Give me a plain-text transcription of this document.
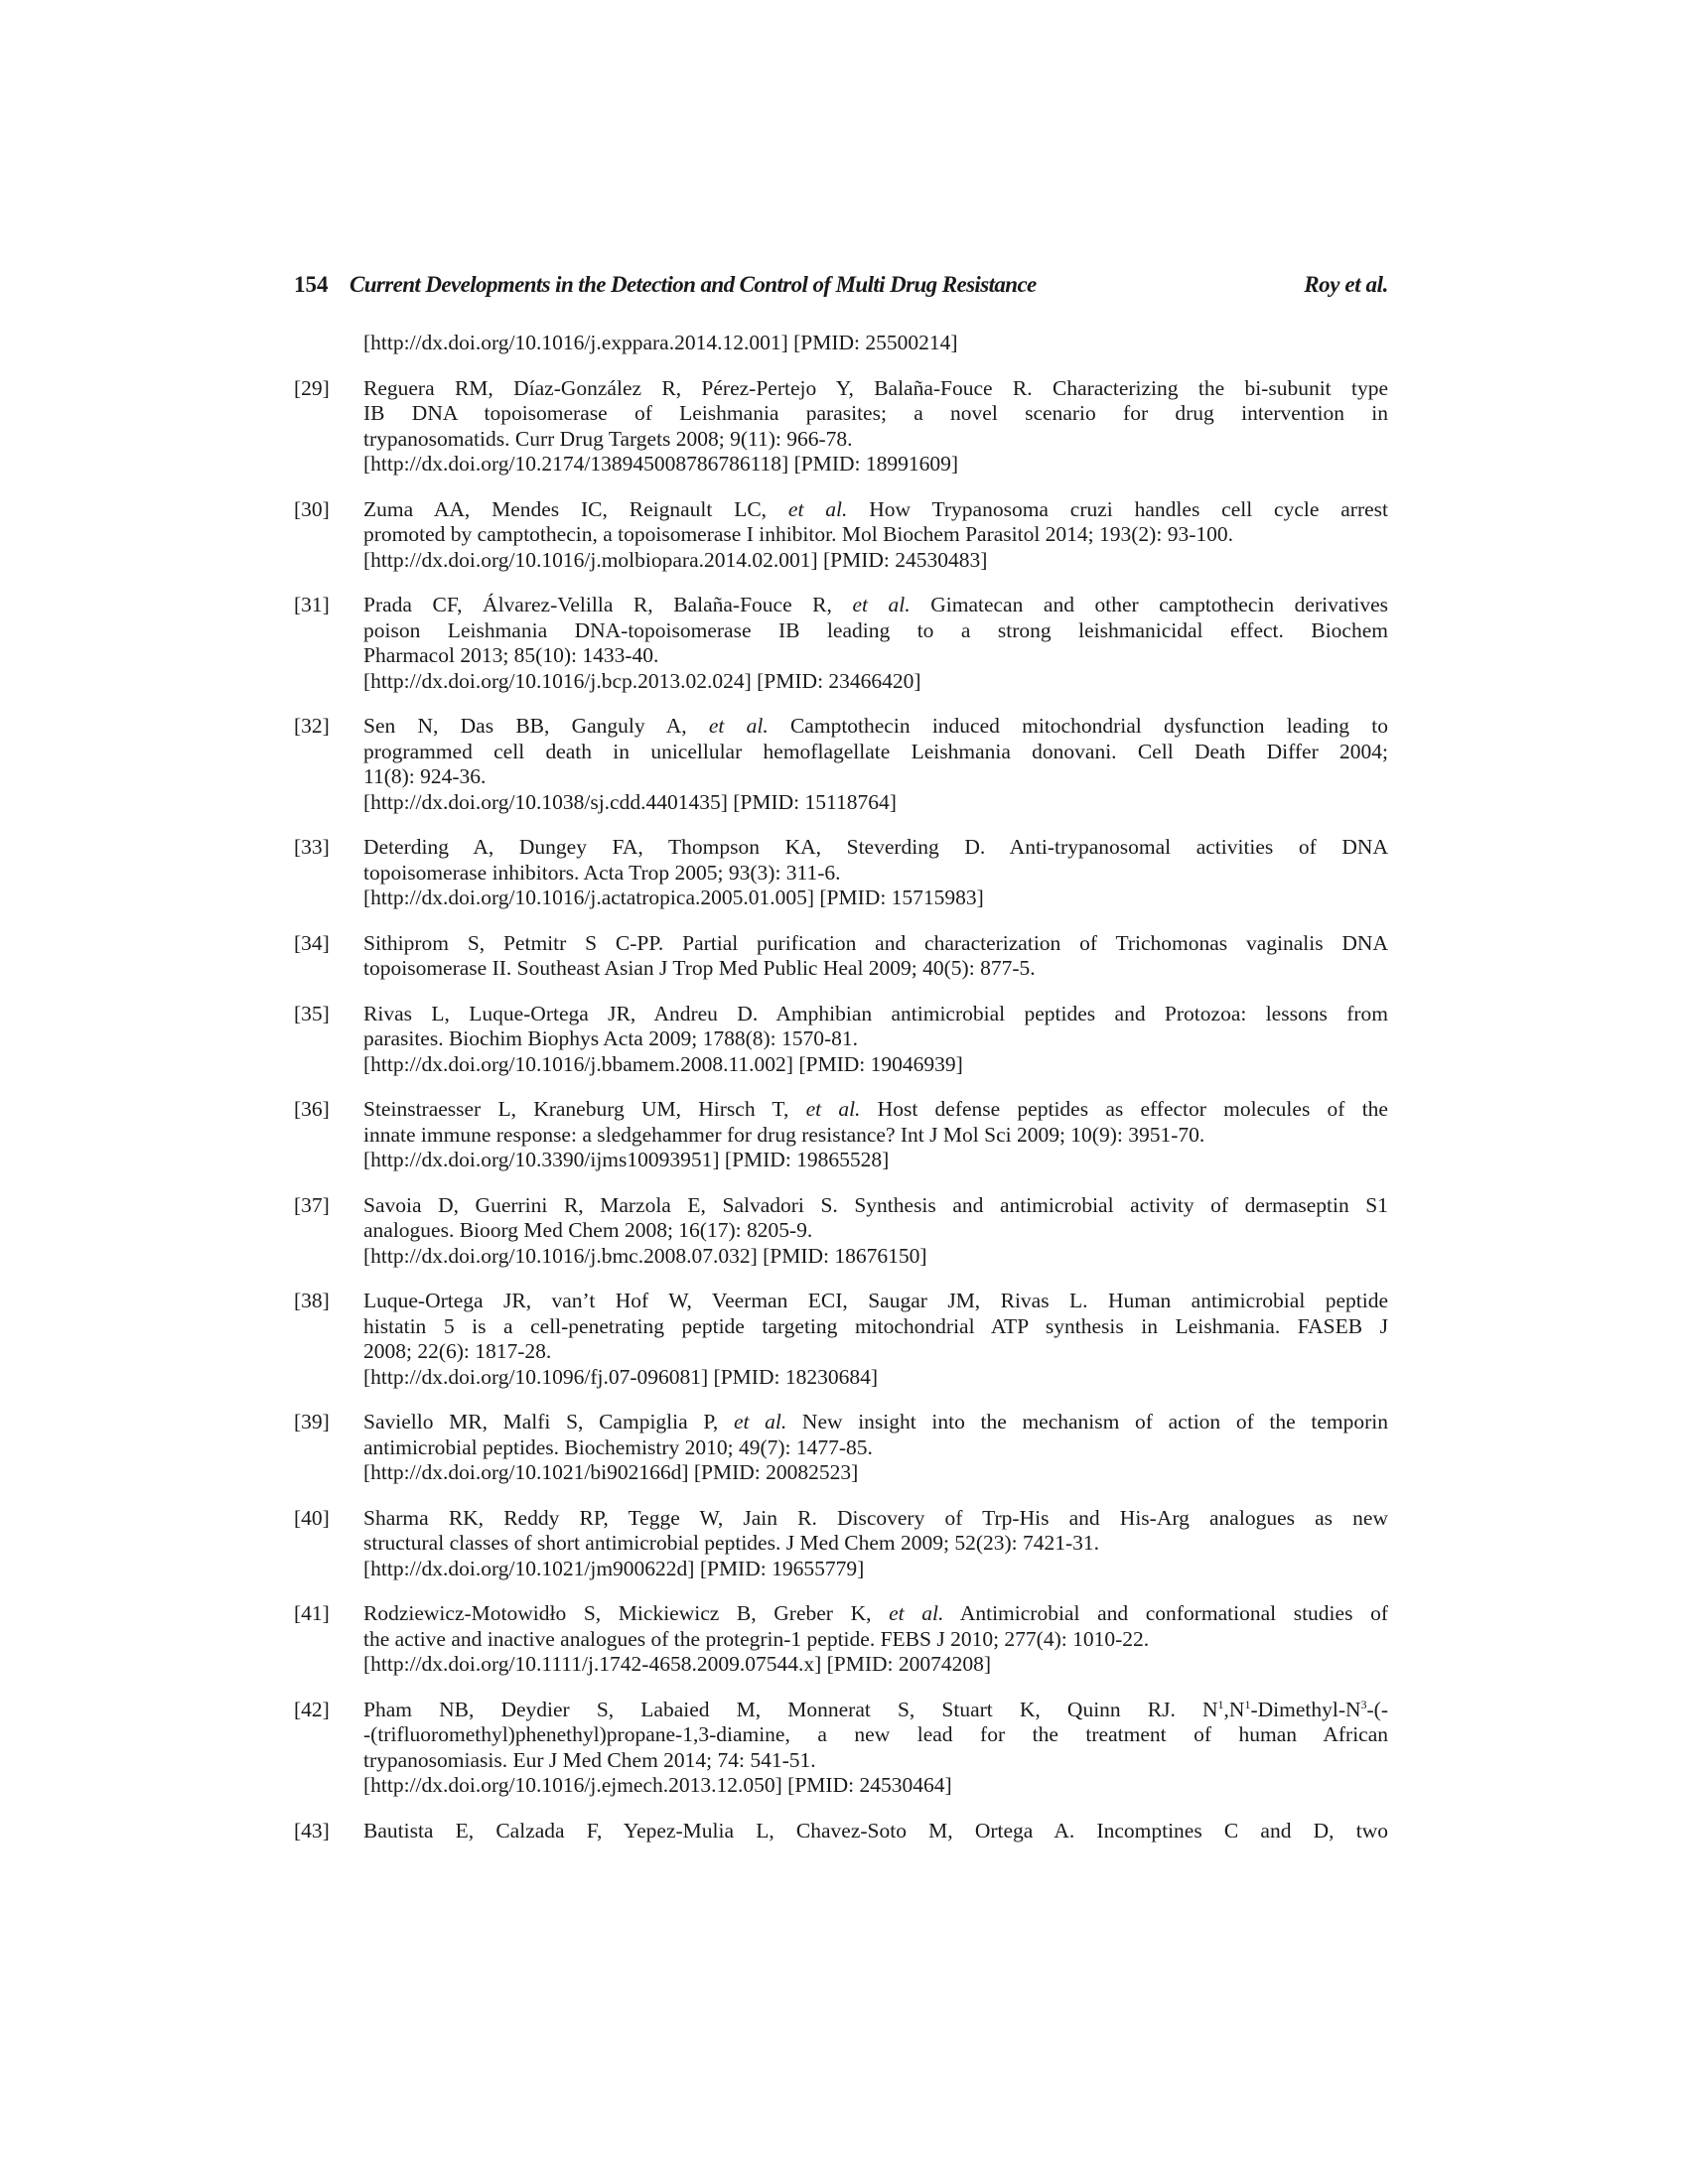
154 Current Developments in the Detection and Control of Multi Drug Resistance	Roy et al.
[http://dx.doi.org/10.1016/j.exppara.2014.12.001] [PMID: 25500214]
[29] Reguera RM, Díaz-González R, Pérez-Pertejo Y, Balaña-Fouce R. Characterizing the bi-subunit type
IB DNA topoisomerase of Leishmania parasites; a novel scenario for drug intervention in
trypanosomatids. Curr Drug Targets 2008; 9(11): 966-78.
[http://dx.doi.org/10.2174/138945008786786118] [PMID: 18991609]
[30] Zuma AA, Mendes IC, Reignault LC, et al. How Trypanosoma cruzi handles cell cycle arrest
promoted by camptothecin, a topoisomerase I inhibitor. Mol Biochem Parasitol 2014; 193(2): 93-100.
[http://dx.doi.org/10.1016/j.molbiopara.2014.02.001] [PMID: 24530483]
[31] Prada CF, Álvarez-Velilla R, Balaña-Fouce R, et al. Gimatecan and other camptothecin derivatives
poison Leishmania DNA-topoisomerase IB leading to a strong leishmanicidal effect. Biochem
Pharmacol 2013; 85(10): 1433-40.
[http://dx.doi.org/10.1016/j.bcp.2013.02.024] [PMID: 23466420]
[32] Sen N, Das BB, Ganguly A, et al. Camptothecin induced mitochondrial dysfunction leading to
programmed cell death in unicellular hemoflagellate Leishmania donovani. Cell Death Differ 2004;
11(8): 924-36.
[http://dx.doi.org/10.1038/sj.cdd.4401435] [PMID: 15118764]
[33] Deterding A, Dungey FA, Thompson KA, Steverding D. Anti-trypanosomal activities of DNA
topoisomerase inhibitors. Acta Trop 2005; 93(3): 311-6.
[http://dx.doi.org/10.1016/j.actatropica.2005.01.005] [PMID: 15715983]
[34] Sithiprom S, Petmitr S C-PP. Partial purification and characterization of Trichomonas vaginalis DNA
topoisomerase II. Southeast Asian J Trop Med Public Heal 2009; 40(5): 877-5.
[35] Rivas L, Luque-Ortega JR, Andreu D. Amphibian antimicrobial peptides and Protozoa: lessons from
parasites. Biochim Biophys Acta 2009; 1788(8): 1570-81.
[http://dx.doi.org/10.1016/j.bbamem.2008.11.002] [PMID: 19046939]
[36] Steinstraesser L, Kraneburg UM, Hirsch T, et al. Host defense peptides as effector molecules of the
innate immune response: a sledgehammer for drug resistance? Int J Mol Sci 2009; 10(9): 3951-70.
[http://dx.doi.org/10.3390/ijms10093951] [PMID: 19865528]
[37] Savoia D, Guerrini R, Marzola E, Salvadori S. Synthesis and antimicrobial activity of dermaseptin S1
analogues. Bioorg Med Chem 2008; 16(17): 8205-9.
[http://dx.doi.org/10.1016/j.bmc.2008.07.032] [PMID: 18676150]
[38] Luque-Ortega JR, van’t Hof W, Veerman ECI, Saugar JM, Rivas L. Human antimicrobial peptide
histatin 5 is a cell-penetrating peptide targeting mitochondrial ATP synthesis in Leishmania. FASEB J
2008; 22(6): 1817-28.
[http://dx.doi.org/10.1096/fj.07-096081] [PMID: 18230684]
[39] Saviello MR, Malfi S, Campiglia P, et al. New insight into the mechanism of action of the temporin
antimicrobial peptides. Biochemistry 2010; 49(7): 1477-85.
[http://dx.doi.org/10.1021/bi902166d] [PMID: 20082523]
[40] Sharma RK, Reddy RP, Tegge W, Jain R. Discovery of Trp-His and His-Arg analogues as new
structural classes of short antimicrobial peptides. J Med Chem 2009; 52(23): 7421-31.
[http://dx.doi.org/10.1021/jm900622d] [PMID: 19655779]
[41] Rodziewicz-Motowidło S, Mickiewicz B, Greber K, et al. Antimicrobial and conformational studies of
the active and inactive analogues of the protegrin-1 peptide. FEBS J 2010; 277(4): 1010-22.
[http://dx.doi.org/10.1111/j.1742-4658.2009.07544.x] [PMID: 20074208]
[42] Pham NB, Deydier S, Labaied M, Monnerat S, Stuart K, Quinn RJ. $N^1,N^1-Dimethyl-N^3-(-$
-(trifluoromethyl)phenethyl)propane-1,3-diamine, a new lead for the treatment of human African
trypanosomiasis. Eur J Med Chem 2014; 74: 541-51.
[http://dx.doi.org/10.1016/j.ejmech.2013.12.050] [PMID: 24530464]
[43] Bautista E, Calzada F, Yepez-Mulia L, Chavez-Soto M, Ortega A. Incomptines C and D, two
